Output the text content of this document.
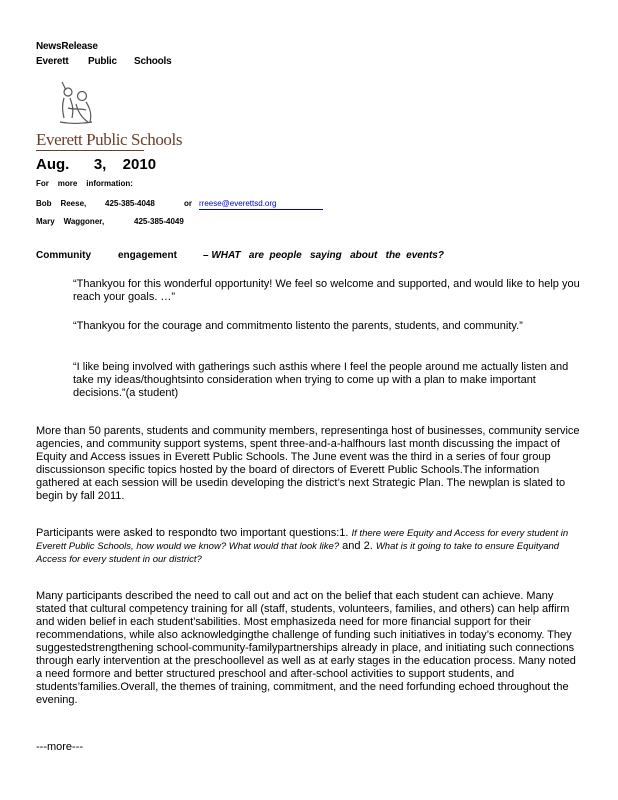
NewsRelease
Everett Public Schools
Everett Public Schools
Aug.   3,  2010
For    more    information:
Bob    Reese, 425-385-4048	or rreese@everettsd.org
Mary    Waggoner,	425-385-4049
Community	engagement	– WHAT   are  people   saying   about   the  events?
“Thankyou for this wonderful opportunity! We feel so welcome and supported, and would like to help you reach your goals. …”
“Thankyou for the courage and commitmento listento the parents, students, and community.”
“I like being involved with gatherings such asthis where I feel the people around me actually listen and take my ideas/thoughtsinto consideration when trying to come up with a plan to make important decisions.”(a student)
More than 50 parents, students and community members, representinga host of businesses, community service agencies, and community support systems, spent three-and-a-halfhours last month discussing the impact of Equity and Access issues in Everett Public Schools. The June event was the third in a series of four group discussionson specific topics hosted by the board of directors of Everett Public Schools.The information gathered at each session will be usedin developing the district’s next Strategic Plan. The newplan is slated to begin by fall 2011.
Participants were asked to respondto two important questions:1. If there were Equity and Access for every student in Everett Public Schools, how would we know? What would that look like? and 2. What is it going to take to ensure Equityand Access for every student in our district?
Many participants described the need to call out and act on the belief that each student can achieve. Many stated that cultural competency training for all (staff, students, volunteers, families, and others) can help affirm and widen belief in each student’sabilities. Most emphasizeda need for more financial support for their recommendations, while also acknowledgingthe challenge of funding such initiatives in today’s economy. They suggestedstrengthening school-community-familypartnerships already in place, and initiating such connections through early intervention at the preschoollevel as well as at early stages in the education process. Many noted a need formore and better structured preschool and after-school activities to support students, and students’families.Overall, the themes of training, commitment, and the need forfunding echoed throughout the evening.
---more---
